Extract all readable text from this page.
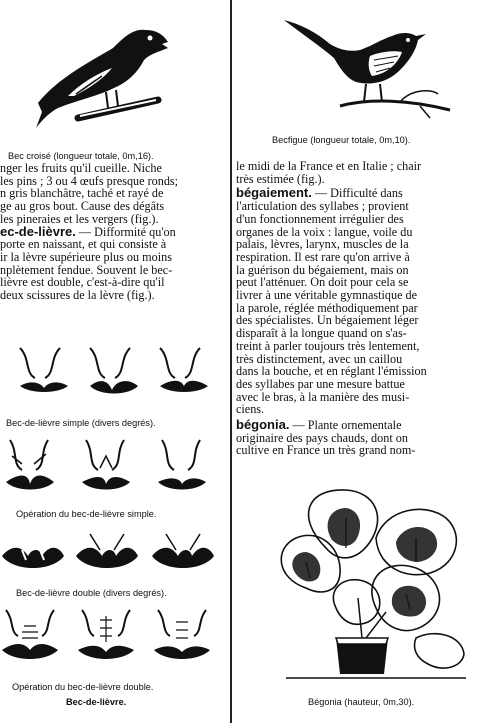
Bec croisé (longueur totale, 0m,16).

nger les fruits qu'il cueille. Niche

les pins ; 3 ou 4 œufs presque ronds;

n gris blanchâtre, taché et rayé de

ge au gros bout. Cause des dégâts

les pineraies et les vergers (fig.).

ec-de-lièvre. — Difformité qu'on

porte en naissant, et qui consiste à

ir la lèvre supérieure plus ou moins

nplètement fendue. Souvent le bec-

lièvre est double, c'est-à-dire qu'il

deux scissures de la lèvre (fig.).

Bec-de-lièvre simple (divers degrés).
Opération du bec-de-lièvre simple.
Bec-de-lièvre double (divers degrés).
Opération du bec-de-lièvre double.
Bec-de-lièvre.
Becfigue (longueur totale, 0m,10).

le midi de la France et en Italie ; chair

très estimée (fig.).

bégaiement. — Difficulté dans

l'articulation des syllabes ; provient

d'un fonctionnement irrégulier des

organes de la voix : langue, voile du

palais, lèvres, larynx, muscles de la

respiration. Il est rare qu'on arrive à

la guérison du bégaiement, mais on

peut l'atténuer. On doit pour cela se

livrer à une véritable gymnastique de

la parole, réglée méthodiquement par

des spécialistes. Un bégaiement léger

disparaît à la longue quand on s'as-

treint à parler toujours très lentement,

très distinctement, avec un caillou

dans la bouche, et en réglant l'émission

des syllabes par une mesure battue

avec le bras, à la manière des musi-

ciens.

bégonia. — Plante ornementale

originaire des pays chauds, dont on

cultive en France un très grand nom-

Bégonia (hauteur, 0m,30).
